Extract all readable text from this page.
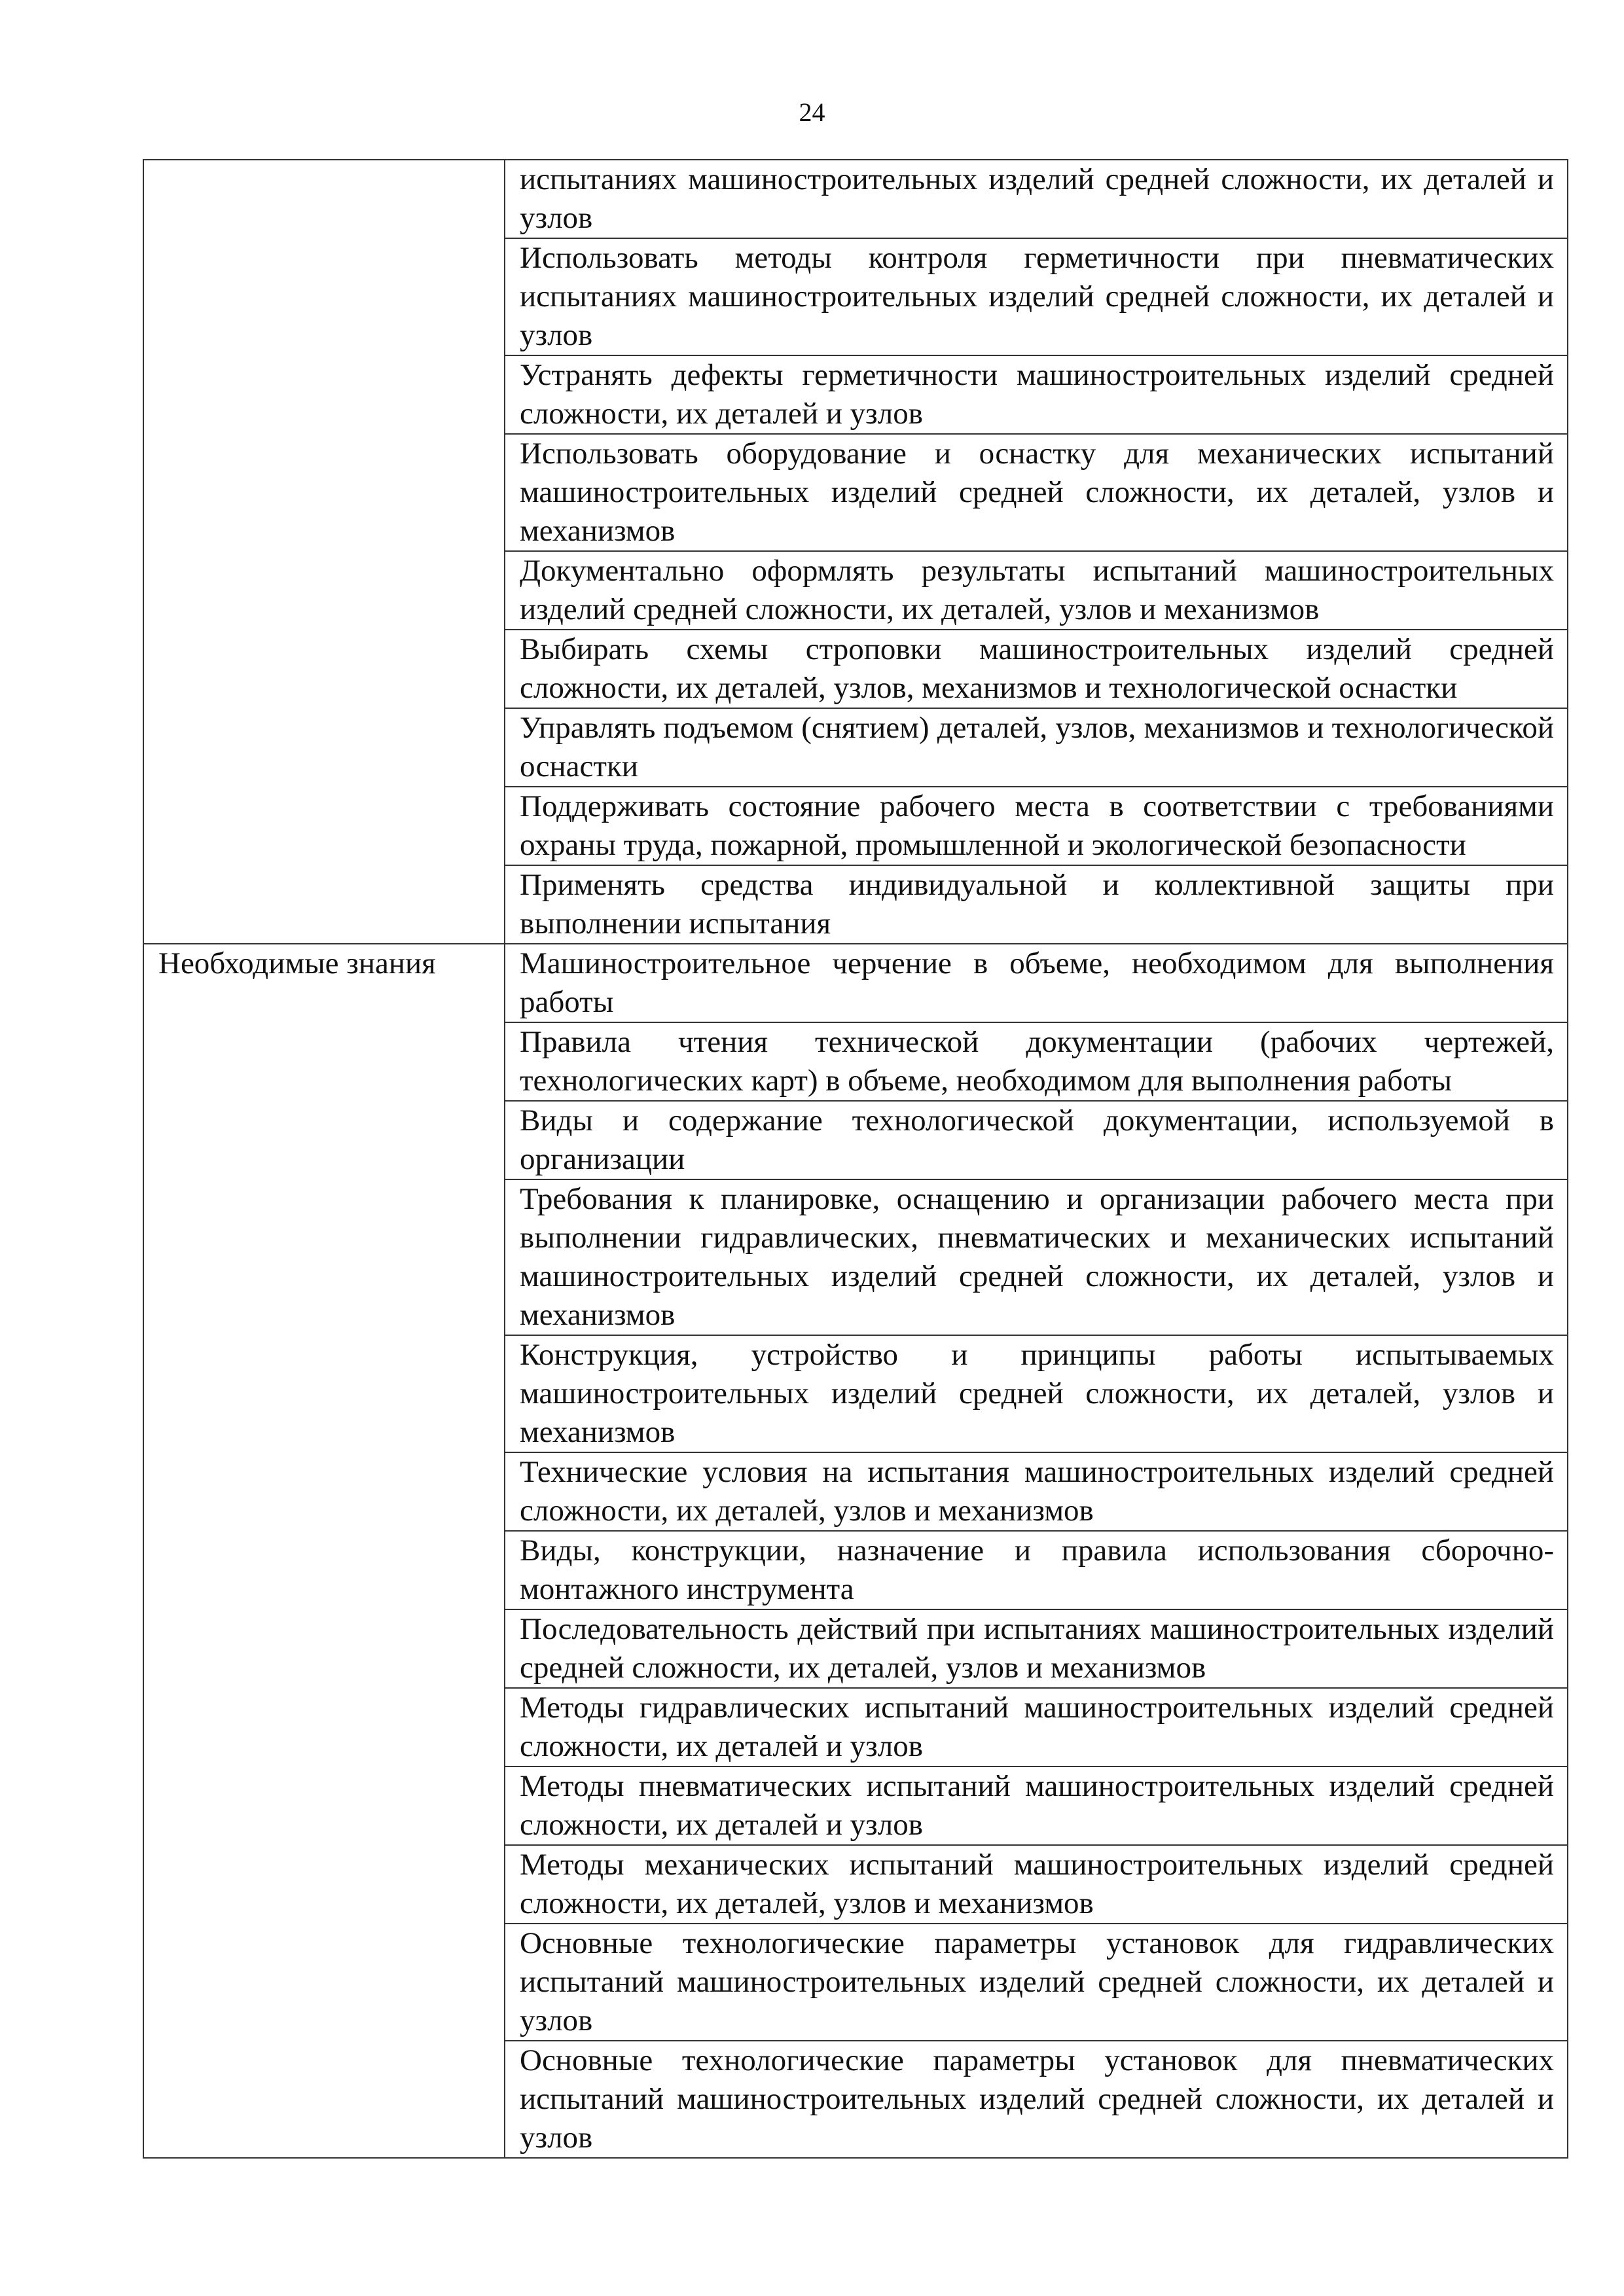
24
	испытаниях машиностроительных изделий средней сложности, их деталей и узлов
	Использовать методы контроля герметичности при пневматических испытаниях машиностроительных изделий средней сложности, их деталей и узлов
	Устранять дефекты герметичности машиностроительных изделий средней сложности, их деталей и узлов
	Использовать оборудование и оснастку для механических испытаний машиностроительных изделий средней сложности, их деталей, узлов и механизмов
	Документально оформлять результаты испытаний машиностроительных изделий средней сложности, их деталей, узлов и механизмов
	Выбирать схемы строповки машиностроительных изделий средней сложности, их деталей, узлов, механизмов и технологической оснастки
	Управлять подъемом (снятием) деталей, узлов, механизмов и технологической оснастки
	Поддерживать состояние рабочего места в соответствии с требованиями охраны труда, пожарной, промышленной и экологической безопасности
	Применять средства индивидуальной и коллективной защиты при выполнении испытания
Необходимые знания	Машиностроительное черчение в объеме, необходимом для выполнения работы
	Правила чтения технической документации (рабочих чертежей, технологических карт) в объеме, необходимом для выполнения работы
	Виды и содержание технологической документации, используемой в организации
	Требования к планировке, оснащению и организации рабочего места при выполнении гидравлических, пневматических и механических испытаний машиностроительных изделий средней сложности, их деталей, узлов и механизмов
	Конструкция, устройство и принципы работы испытываемых машиностроительных изделий средней сложности, их деталей, узлов и механизмов
	Технические условия на испытания машиностроительных изделий средней сложности, их деталей, узлов и механизмов
	Виды, конструкции, назначение и правила использования сборочно-монтажного инструмента
	Последовательность действий при испытаниях машиностроительных изделий средней сложности, их деталей, узлов и механизмов
	Методы гидравлических испытаний машиностроительных изделий средней сложности, их деталей и узлов
	Методы пневматических испытаний машиностроительных изделий средней сложности, их деталей и узлов
	Методы механических испытаний машиностроительных изделий средней сложности, их деталей, узлов и механизмов
	Основные технологические параметры установок для гидравлических испытаний машиностроительных изделий средней сложности, их деталей и узлов
	Основные технологические параметры установок для пневматических испытаний машиностроительных изделий средней сложности, их деталей и узлов
